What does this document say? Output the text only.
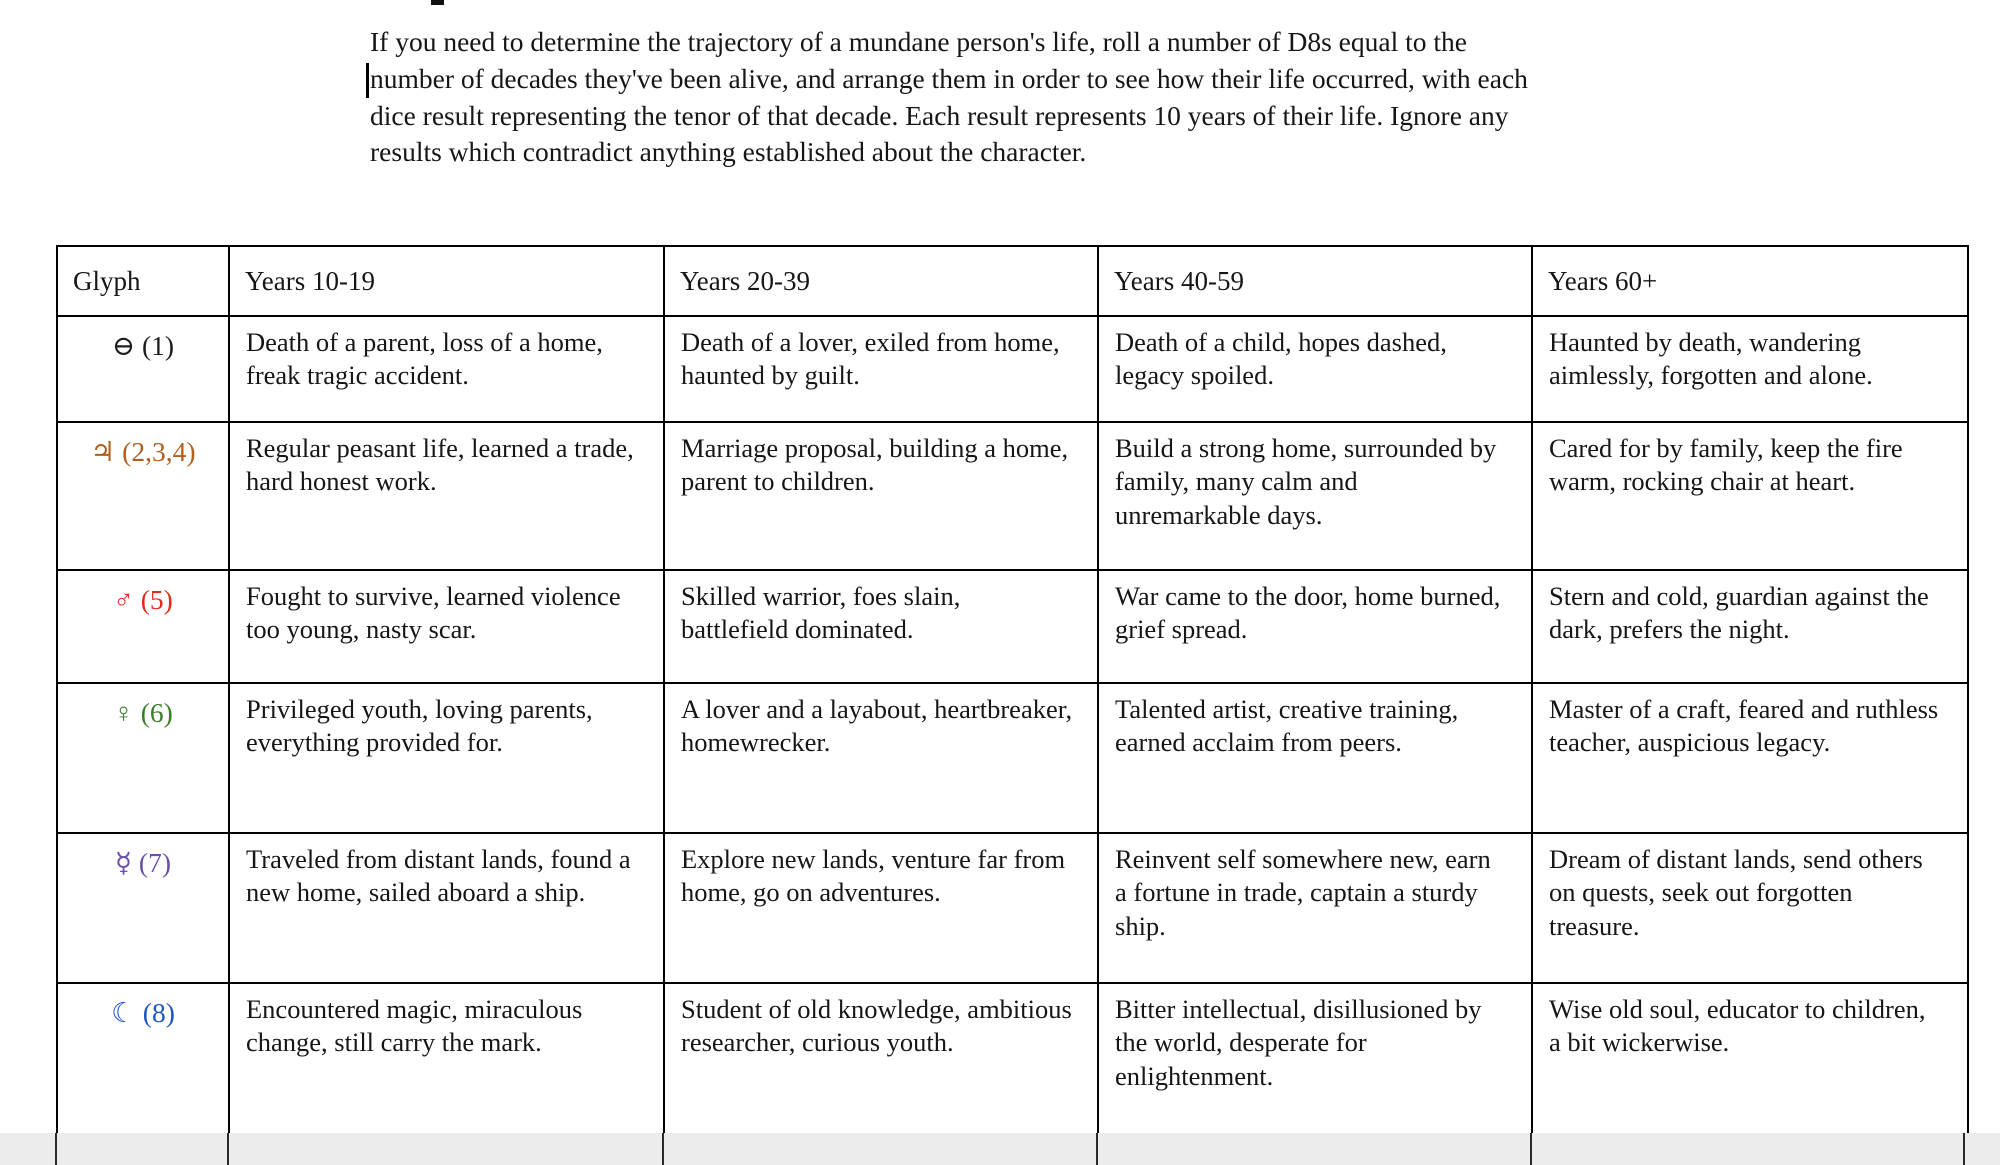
If you need to determine the trajectory of a mundane person's life, roll a number of D8s equal to the
number of decades they've been alive, and arrange them in order to see how their life occurred, with each
dice result representing the tenor of that decade. Each result represents 10 years of their life. Ignore any
results which contradict anything established about the character.
Glyph	Years 10-19	Years 20-39	Years 40-59	Years 60+
⊖ (1)	Death of a parent, loss of a home, freak tragic accident.	Death of a lover, exiled from home, haunted by guilt.	Death of a child, hopes dashed, legacy spoiled.	Haunted by death, wandering aimlessly, forgotten and alone.
♃ (2,3,4)	Regular peasant life, learned a trade, hard honest work.	Marriage proposal, building a home, parent to children.	Build a strong home, surrounded by family, many calm and unremarkable days.	Cared for by family, keep the fire warm, rocking chair at heart.
♂ (5)	Fought to survive, learned violence too young, nasty scar.	Skilled warrior, foes slain, battlefield dominated.	War came to the door, home burned, grief spread.	Stern and cold, guardian against the dark, prefers the night.
♀ (6)	Privileged youth, loving parents, everything provided for.	A lover and a layabout, heartbreaker, homewrecker.	Talented artist, creative training, earned acclaim from peers.	Master of a craft, feared and ruthless teacher, auspicious legacy.
☿ (7)	Traveled from distant lands, found a new home, sailed aboard a ship.	Explore new lands, venture far from home, go on adventures.	Reinvent self somewhere new, earn a fortune in trade, captain a sturdy ship.	Dream of distant lands, send others on quests, seek out forgotten treasure.
☾ (8)	Encountered magic, miraculous change, still carry the mark.	Student of old knowledge, ambitious researcher, curious youth.	Bitter intellectual, disillusioned by the world, desperate for enlightenment.	Wise old soul, educator to children, a bit wickerwise.
